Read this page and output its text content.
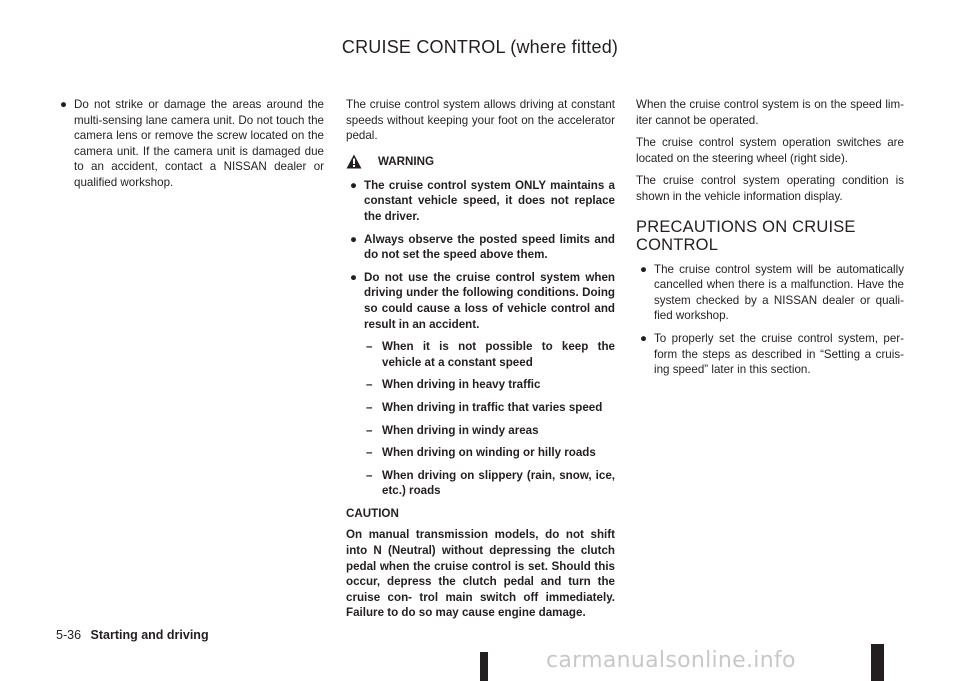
CRUISE CONTROL (where fitted)
● Do not strike or damage the areas around the multi-sensing lane camera unit. Do not touch the camera lens or remove the screw located on the camera unit. If the camera unit is damaged due to an accident, contact a NISSAN dealer or qualified workshop.

The cruise control system allows driving at constant speeds without keeping your foot on the accelerator pedal.

WARNING
● The cruise control system ONLY maintains a constant vehicle speed, it does not replace the driver.
● Always observe the posted speed limits and do not set the speed above them.
● Do not use the cruise control system when driving under the following conditions. Doing so could cause a loss of vehicle control and result in an accident.
– When it is not possible to keep the vehicle at a constant speed
– When driving in heavy traffic
– When driving in traffic that varies speed
– When driving in windy areas
– When driving on winding or hilly roads
– When driving on slippery (rain, snow, ice, etc.) roads
CAUTION

On manual transmission models, do not shift into N (Neutral) without depressing the clutch pedal when the cruise control is set. Should this occur, depress the clutch pedal and turn the cruise con- trol main switch off immediately. Failure to do so may cause engine damage.

When the cruise control system is on the speed lim- iter cannot be operated.

The cruise control system operation switches are located on the steering wheel (right side).

The cruise control system operating condition is shown in the vehicle information display.

PRECAUTIONS ON CRUISE CONTROL
● The cruise control system will be automatically cancelled when there is a malfunction. Have the system checked by a NISSAN dealer or quali- fied workshop.
● To properly set the cruise control system, per- form the steps as described in “Setting a cruis- ing speed” later in this section.
5-36 Starting and driving
carmanualsonline.info
